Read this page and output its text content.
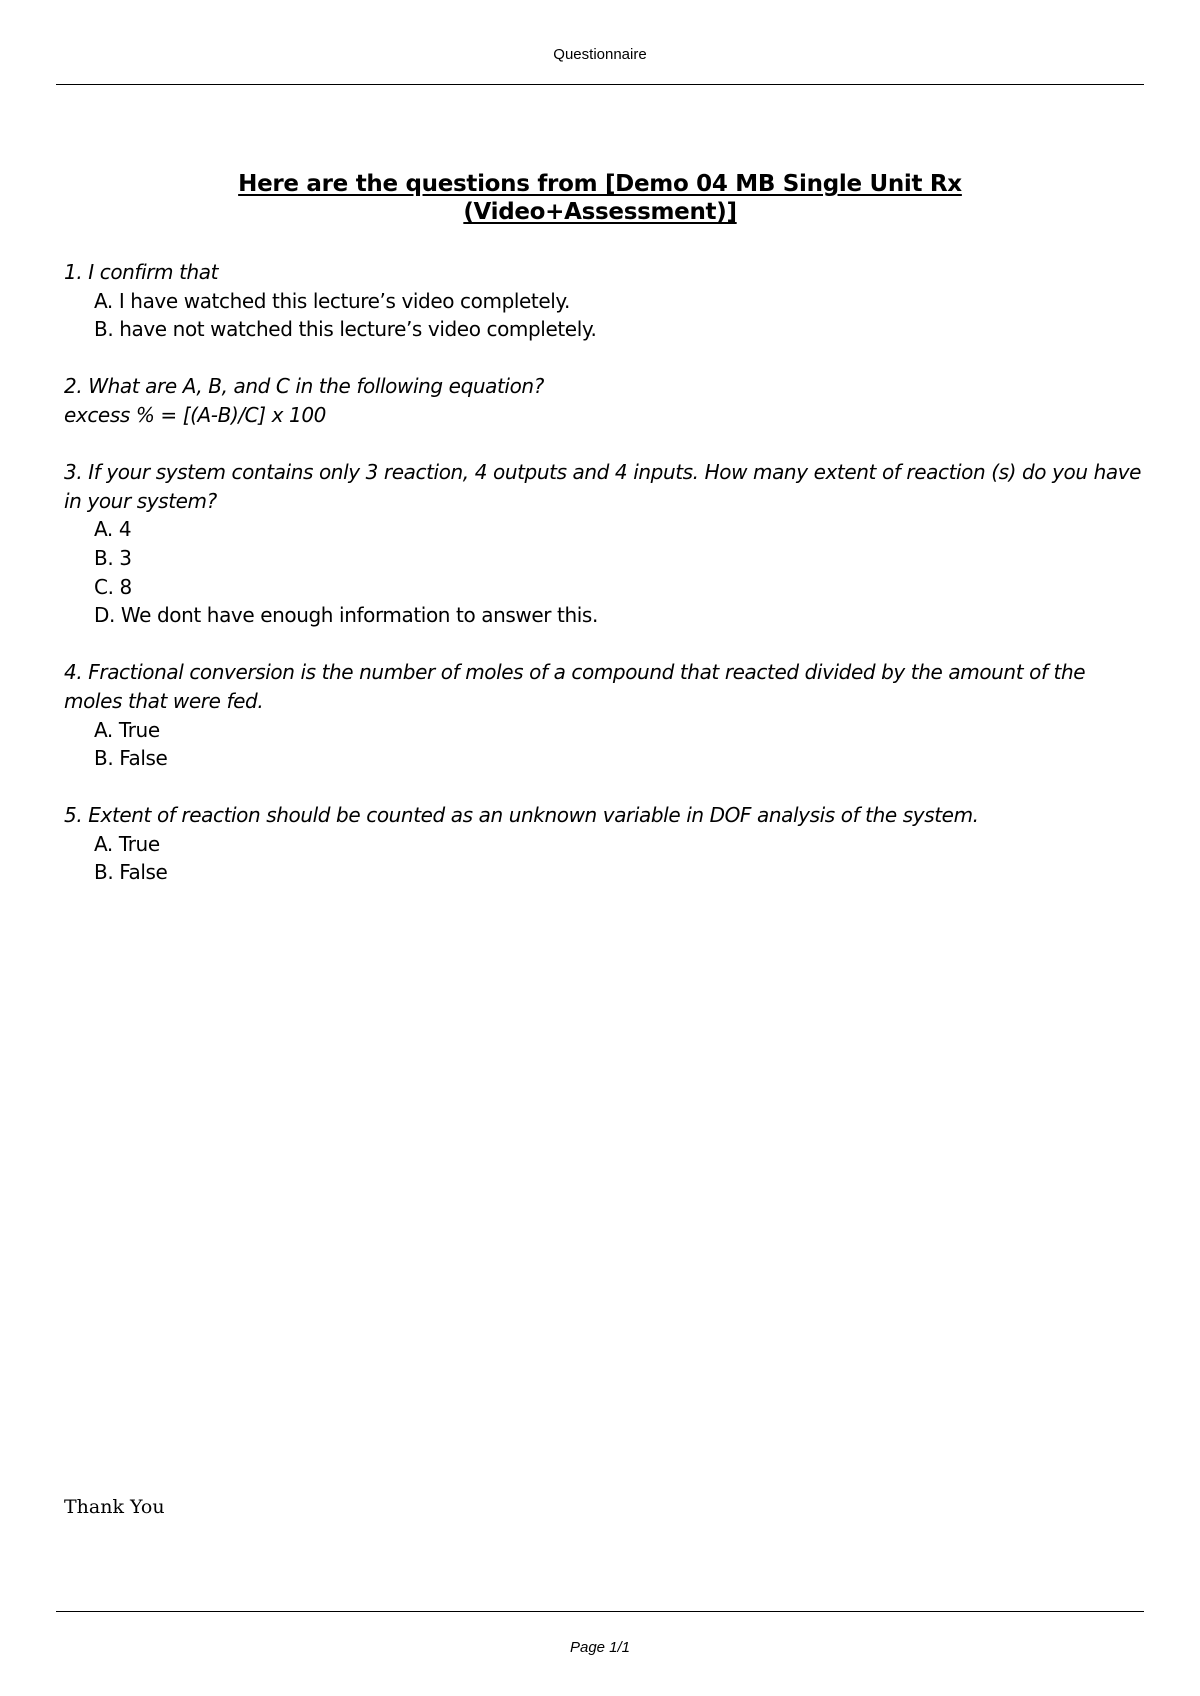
Questionnaire
Here are the questions from [Demo 04 MB Single Unit Rx
(Video+Assessment)]

1. I confirm that

A. I have watched this lecture’s video completely.
B. have not watched this lecture’s video completely.

2. What are A, B, and C in the following equation?

excess % = [(A-B)/C] x 100

3. If your system contains only 3 reaction, 4 outputs and 4 inputs. How many extent of reaction (s) do you have in your system?

A. 4
B. 3
C. 8
D. We dont have enough information to answer this.

4. Fractional conversion is the number of moles of a compound that reacted divided by the amount of the moles that were fed.

A. True
B. False

5. Extent of reaction should be counted as an unknown variable in DOF analysis of the system.

A. True
B. False
Thank You
Page 1/1
